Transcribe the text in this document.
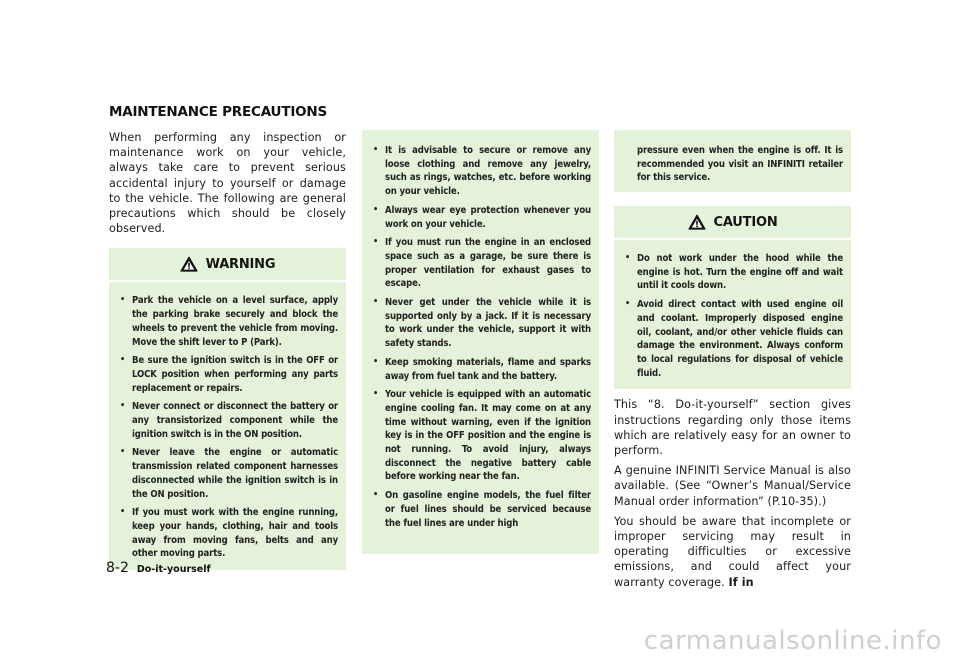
MAINTENANCE PRECAUTIONS

When performing any inspection or maintenance work on your vehicle, always take care to prevent serious accidental injury to yourself or damage to the vehicle. The following are general precautions which should be closely observed.

WARNING
• Park the vehicle on a level surface, apply the parking brake securely and block the wheels to prevent the vehicle from moving. Move the shift lever to P (Park).
• Be sure the ignition switch is in the OFF or LOCK position when performing any parts replacement or repairs.
• Never connect or disconnect the battery or any transistorized component while the ignition switch is in the ON position.
• Never leave the engine or automatic transmission related component harnesses disconnected while the ignition switch is in the ON position.
• If you must work with the engine running, keep your hands, clothing, hair and tools away from moving fans, belts and any other moving parts.
• It is advisable to secure or remove any loose clothing and remove any jewelry, such as rings, watches, etc. before working on your vehicle.
• Always wear eye protection whenever you work on your vehicle.
• If you must run the engine in an enclosed space such as a garage, be sure there is proper ventilation for exhaust gases to escape.
• Never get under the vehicle while it is supported only by a jack. If it is necessary to work under the vehicle, support it with safety stands.
• Keep smoking materials, flame and sparks away from fuel tank and the battery.
• Your vehicle is equipped with an automatic engine cooling fan. It may come on at any time without warning, even if the ignition key is in the OFF position and the engine is not running. To avoid injury, always disconnect the negative battery cable before working near the fan.
• On gasoline engine models, the fuel filter or fuel lines should be serviced because the fuel lines are under high
pressure even when the engine is off. It is recommended you visit an INFINITI retailer for this service.
CAUTION
• Do not work under the hood while the engine is hot. Turn the engine off and wait until it cools down.
• Avoid direct contact with used engine oil and coolant. Improperly disposed engine oil, coolant, and/or other vehicle fluids can damage the environment. Always conform to local regulations for disposal of vehicle fluid.

This “8. Do-it-yourself” section gives instructions regarding only those items which are relatively easy for an owner to perform.

A genuine INFINITI Service Manual is also available. (See “Owner’s Manual/Service Manual order information” (P.10-35).)

You should be aware that incomplete or improper servicing may result in operating difficulties or excessive emissions, and could affect your warranty coverage. If in

8-2 Do-it-yourself
carmanualsonline.info
